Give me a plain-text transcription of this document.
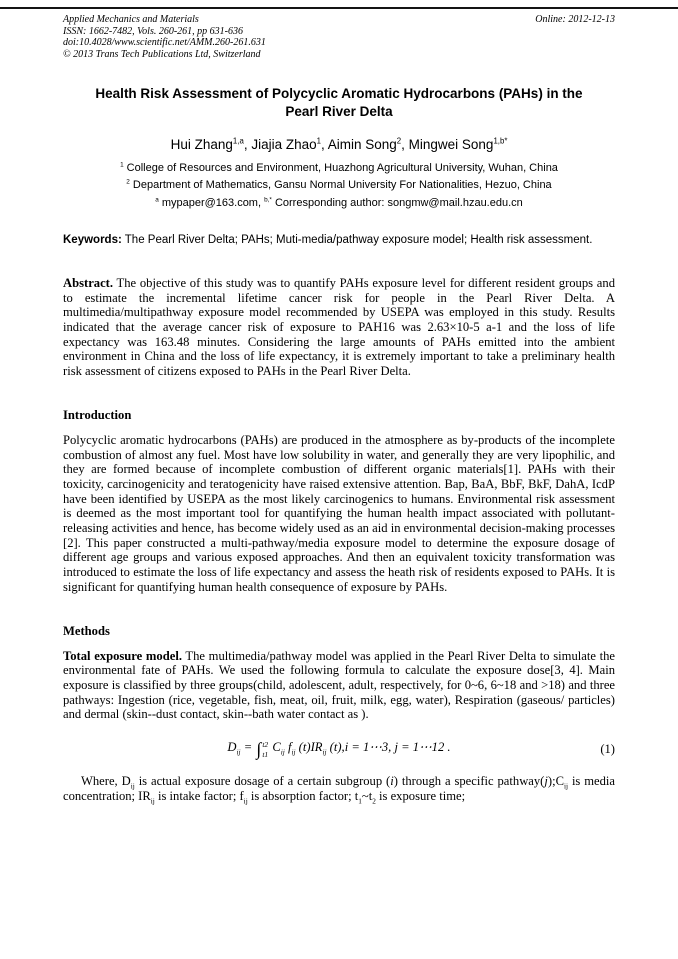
Applied Mechanics and Materials	Online: 2012-12-13
ISSN: 1662-7482, Vols. 260-261, pp 631-636
doi:10.4028/www.scientific.net/AMM.260-261.631
© 2013 Trans Tech Publications Ltd, Switzerland
Health Risk Assessment of Polycyclic Aromatic Hydrocarbons (PAHs) in the Pearl River Delta
Hui Zhang$^{1,a}$, Jiajia Zhao$^1$, Aimin Song$^2$, Mingwei Song$^{1,b*}$
$^1$ College of Resources and Environment, Huazhong Agricultural University, Wuhan, China
$^2$ Department of Mathematics, Gansu Normal University For Nationalities, Hezuo, China
$^a$ mypaper@163.com, $^{b,*}$ Corresponding author: songmw@mail.hzau.edu.cn

Keywords: The Pearl River Delta; PAHs; Muti-media/pathway exposure model; Health risk assessment.

Abstract. The objective of this study was to quantify PAHs exposure level for different resident groups and to estimate the incremental lifetime cancer risk for people in the Pearl River Delta. A multimedia/multipathway exposure model recommended by USEPA was employed in this study. Results indicated that the average cancer risk of exposure to PAH16 was 2.63×10-5 a-1 and the loss of life expectancy was 163.48 minutes. Considering the large amounts of PAHs emitted into the ambient environment in China and the loss of life expectancy, it is extremely important to take a preliminary health risk assessment of citizens exposed to PAHs in the Pearl River Delta.

Introduction

Polycyclic aromatic hydrocarbons (PAHs) are produced in the atmosphere as by-products of the incomplete combustion of almost any fuel. Most have low solubility in water, and generally they are very lipophilic, and they are formed because of incomplete combustion of different organic materials[1]. PAHs with their toxicity, carcinogenicity and teratogenicity have raised extensive attention. Bap, BaA, BbF, BkF, DahA, IcdP have been identified by USEPA as the most likely carcinogenics to humans. Environmental risk assessment is deemed as the most important tool for quantifying the human health impact associated with pollutant-releasing activities and hence, has become widely used as an aid in environmental decision-making processes [2]. This paper constructed a multi-pathway/media exposure model to determine the exposure dosage of different age groups and various exposed approaches. And then an equivalent toxicity transformation was introduced to estimate the loss of life expectancy and assess the heath risk of residents exposed to PAHs. It is significant for quantifying human health consequence of exposure by PAHs.

Methods

Total exposure model. The multimedia/pathway model was applied in the Pearl River Delta to simulate the environmental fate of PAHs. We used the following formula to calculate the exposure dose[3, 4]. Main exposure is classified by three groups(child, adolescent, adult, respectively, for 0~6, 6~18 and >18) and three pathways: Ingestion (rice, vegetable, fish, meat, oil, fruit, milk, egg, water), Respiration (gaseous/ particles) and dermal (skin--dust contact, skin--bath water contact as ).

$D_{ij}$ = ∫ t2
t1 $C_{ij}$ $f_{ij}$ $(t)IR_{ij}$ (t),i = 1⋯3, j = 1⋯12 .	(1)

Where, $D_{ij}$ is actual exposure dosage of a certain subgroup (i) through a specific $pathway(j);C_{ij}$ is media concentration; $IR_{ij}$ is intake factor; $f_{ij}$ is absorption factor; $t_1\sim t_2$ is exposure time;
